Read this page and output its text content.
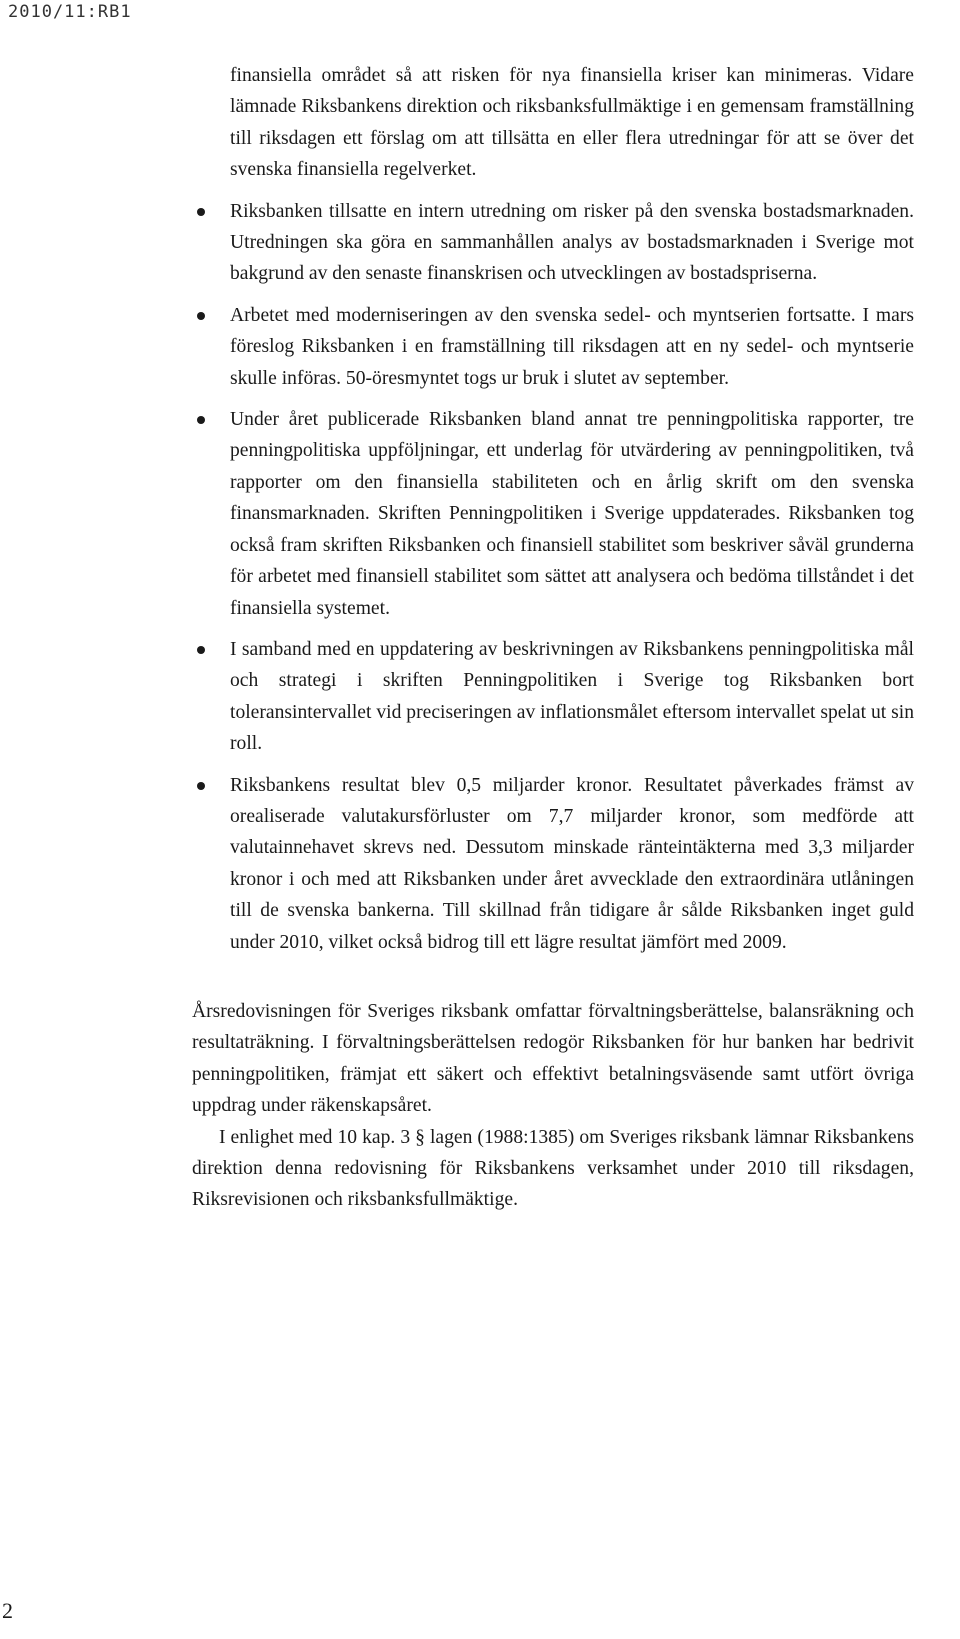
2010/11:RB1

finansiella området så att risken för nya finansiella kriser kan minimeras. Vidare lämnade Riksbankens direktion och riksbanksfullmäktige i en gemensam framställning till riksdagen ett förslag om att tillsätta en eller flera utredningar för att se över det svenska finansiella regelverket.

Riksbanken tillsatte en intern utredning om risker på den svenska bostadsmarknaden. Utredningen ska göra en sammanhållen analys av bostadsmarknaden i Sverige mot bakgrund av den senaste finanskrisen och utvecklingen av bostadspriserna.
Arbetet med moderniseringen av den svenska sedel- och myntserien fortsatte. I mars föreslog Riksbanken i en framställning till riksdagen att en ny sedel- och myntserie skulle införas. 50-öresmyntet togs ur bruk i slutet av september.
Under året publicerade Riksbanken bland annat tre penningpolitiska rapporter, tre penningpolitiska uppföljningar, ett underlag för utvärdering av penningpolitiken, två rapporter om den finansiella stabiliteten och en årlig skrift om den svenska finansmarknaden. Skriften Penningpolitiken i Sverige uppdaterades. Riksbanken tog också fram skriften Riksbanken och finansiell stabilitet som beskriver såväl grunderna för arbetet med finansiell stabilitet som sättet att analysera och bedöma tillståndet i det finansiella systemet.
I samband med en uppdatering av beskrivningen av Riksbankens penningpolitiska mål och strategi i skriften Penningpolitiken i Sverige tog Riksbanken bort toleransintervallet vid preciseringen av inflationsmålet eftersom intervallet spelat ut sin roll.
Riksbankens resultat blev 0,5 miljarder kronor. Resultatet påverkades främst av orealiserade valutakursförluster om 7,7 miljarder kronor, som medförde att valutainnehavet skrevs ned. Dessutom minskade ränteintäkterna med 3,3 miljarder kronor i och med att Riksbanken under året avvecklade den extraordinära utlåningen till de svenska bankerna. Till skillnad från tidigare år sålde Riksbanken inget guld under 2010, vilket också bidrog till ett lägre resultat jämfört med 2009.

Årsredovisningen för Sveriges riksbank omfattar förvaltningsberättelse, balansräkning och resultaträkning. I förvaltningsberättelsen redogör Riksbanken för hur banken har bedrivit penningpolitiken, främjat ett säkert och effektivt betalningsväsende samt utfört övriga uppdrag under räkenskapsåret.

I enlighet med 10 kap. 3 § lagen (1988:1385) om Sveriges riksbank lämnar Riksbankens direktion denna redovisning för Riksbankens verksamhet under 2010 till riksdagen, Riksrevisionen och riksbanksfullmäktige.

2
